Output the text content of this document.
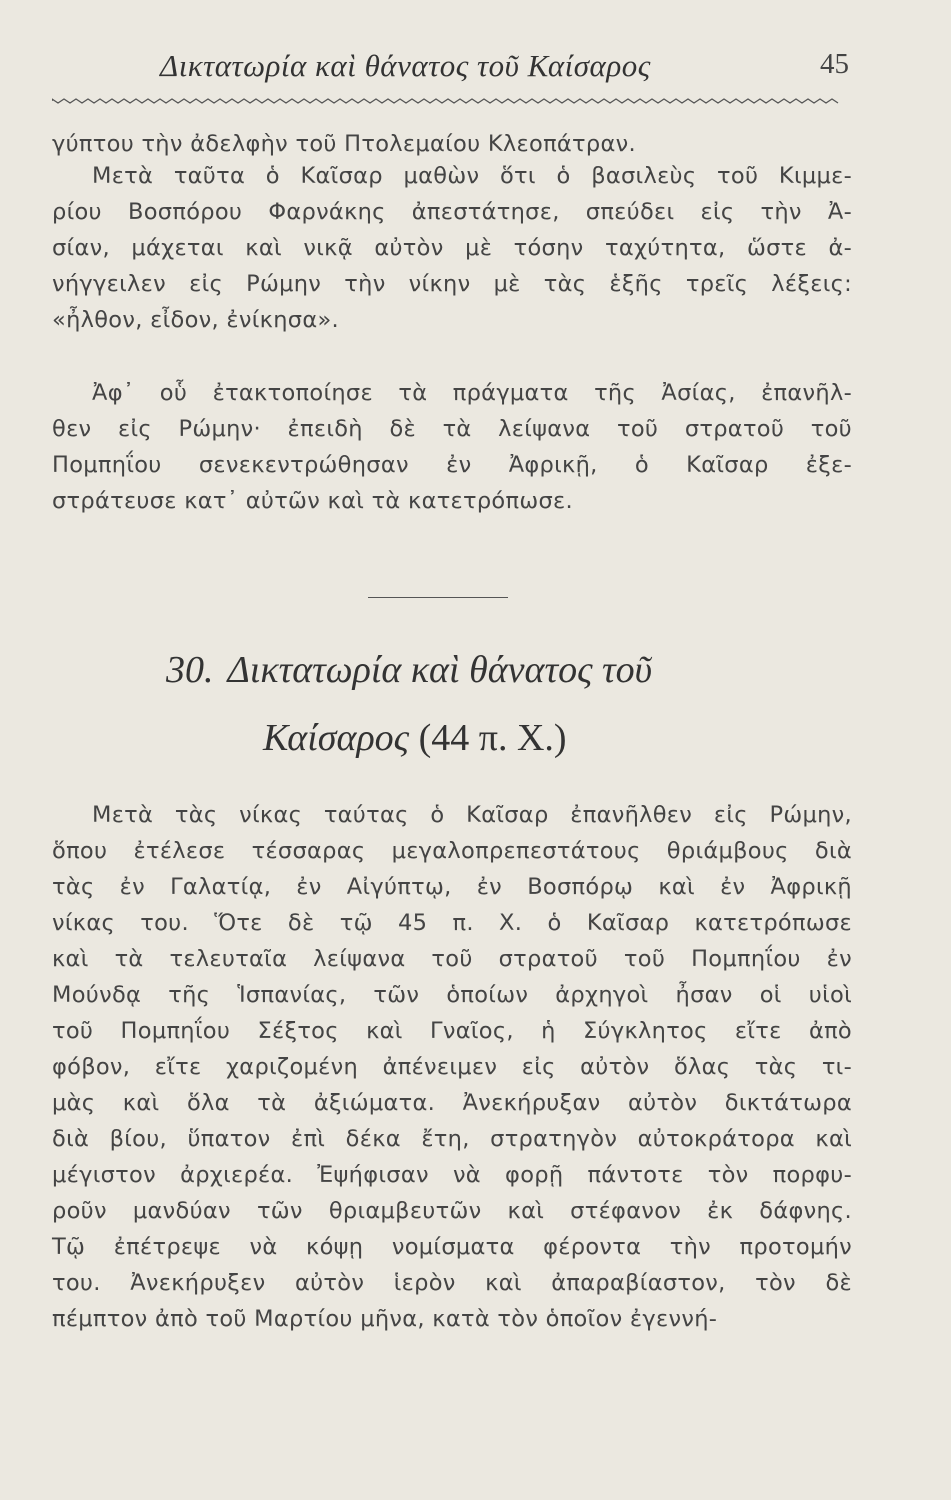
Δικτατωρία καὶ θάνατος τοῦ Καίσαρος	45

γύπτου τὴν ἀδελφὴν τοῦ Πτολεμαίου Κλεοπάτραν.

Μετὰ ταῦτα ὁ Καῖσαρ μαθὼν ὅτι ὁ βασιλεὺς τοῦ Κιμμε-
ρίου Βοσπόρου Φαρνάκης ἀπεστάτησε, σπεύδει εἰς τὴν Ἀ-
σίαν, μάχεται καὶ νικᾷ αὐτὸν μὲ τόσην ταχύτητα, ὥστε ἀ-
νήγγειλεν εἰς Ρώμην τὴν νίκην μὲ τὰς ἑξῆς τρεῖς λέξεις:
«ἦλθον, εἶδον, ἐνίκησα».

Ἀφ᾿ οὗ ἐτακτοποίησε τὰ πράγματα τῆς Ἀσίας, ἐπανῆλ-
θεν εἰς Ρώμην· ἐπειδὴ δὲ τὰ λείψανα τοῦ στρατοῦ τοῦ
Πομπηΐου σενεκεντρώθησαν ἐν Ἀφρικῇ, ὁ Καῖσαρ ἐξε-
στράτευσε κατ᾿ αὐτῶν καὶ τὰ κατετρόπωσε.

30. Δικτατωρία καὶ θάνατος τοῦ
Καίσαρος (44 π. Χ.)

Μετὰ τὰς νίκας ταύτας ὁ Καῖσαρ ἐπανῆλθεν εἰς Ρώμην,
ὅπου ἐτέλεσε τέσσαρας μεγαλοπρεπεστάτους θριάμβους διὰ
τὰς ἐν Γαλατίᾳ, ἐν Αἰγύπτῳ, ἐν Βοσπόρῳ καὶ ἐν Ἀφρικῇ
νίκας του. Ὅτε δὲ τῷ 45 π. Χ. ὁ Καῖσαρ κατετρόπωσε
καὶ τὰ τελευταῖα λείψανα τοῦ στρατοῦ τοῦ Πομπηΐου ἐν
Μούνδᾳ τῆς Ἱσπανίας, τῶν ὁποίων ἀρχηγοὶ ἦσαν οἱ υἱοὶ
τοῦ Πομπηΐου Σέξτος καὶ Γναῖος, ἡ Σύγκλητος εἴτε ἀπὸ
φόβον, εἴτε χαριζομένη ἀπένειμεν εἰς αὐτὸν ὅλας τὰς τι-
μὰς καὶ ὅλα τὰ ἀξιώματα. Ἀνεκήρυξαν αὐτὸν δικτάτωρα
διὰ βίου, ὕπατον ἐπὶ δέκα ἔτη, στρατηγὸν αὐτοκράτορα καὶ
μέγιστον ἀρχιερέα. Ἐψήφισαν νὰ φορῇ πάντοτε τὸν πορφυ-
ροῦν μανδύαν τῶν θριαμβευτῶν καὶ στέφανον ἐκ δάφνης.
Τῷ ἐπέτρεψε νὰ κόψῃ νομίσματα φέροντα τὴν προτομήν
του. Ἀνεκήρυξεν αὐτὸν ἱερὸν καὶ ἀπαραβίαστον, τὸν δὲ
πέμπτον ἀπὸ τοῦ Μαρτίου μῆνα, κατὰ τὸν ὁποῖον ἐγεννή-
